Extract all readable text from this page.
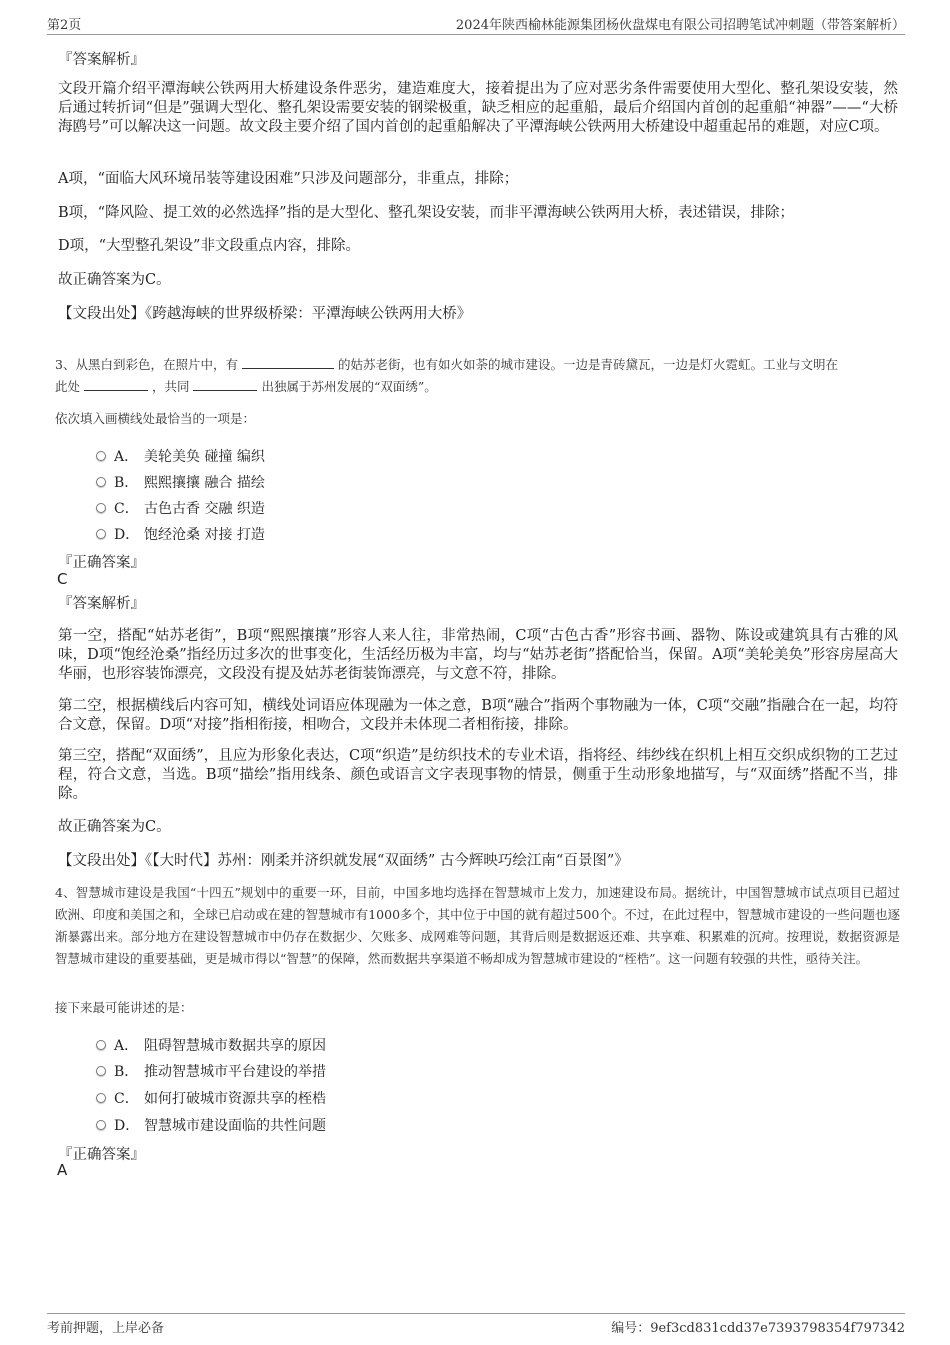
第2页	2024年陕西榆林能源集团杨伙盘煤电有限公司招聘笔试冲刺题（带答案解析）
『答案解析』
文段开篇介绍平潭海峡公铁两用大桥建设条件恶劣，建造难度大，接着提出为了应对恶劣条件需要使用大型化、整孔架设安装，然后通过转折词“但是”强调大型化、整孔架设需要安装的钢梁极重，缺乏相应的起重船，最后介绍国内首创的起重船“神器”——“大桥海鸥号”可以解决这一问题。故文段主要介绍了国内首创的起重船解决了平潭海峡公铁两用大桥建设中超重起吊的难题，对应C项。
A项，“面临大风环境吊装等建设困难”只涉及问题部分，非重点，排除；
B项，“降风险、提工效的必然选择”指的是大型化、整孔架设安装，而非平潭海峡公铁两用大桥，表述错误，排除；
D项，“大型整孔架设”非文段重点内容，排除。
故正确答案为C。
【文段出处】《跨越海峡的世界级桥梁：平潭海峡公铁两用大桥》
3、从黑白到彩色，在照片中，有	的姑苏老街，也有如火如荼的城市建设。一边是青砖黛瓦，一边是灯火霓虹。工业与文明在
此处	，共同	出独属于苏州发展的“双面绣”。
依次填入画横线处最恰当的一项是：
A． 美轮美奂 碰撞 编织
B． 熙熙攘攘 融合 描绘
C． 古色古香 交融 织造
D． 饱经沧桑 对接 打造
『正确答案』
C
『答案解析』
第一空，搭配“姑苏老街”，B项“熙熙攘攘”形容人来人往，非常热闹，C项“古色古香”形容书画、器物、陈设或建筑具有古雅的风味，D项“饱经沧桑”指经历过多次的世事变化，生活经历极为丰富，均与“姑苏老街”搭配恰当，保留。A项“美轮美奂”形容房屋高大华丽，也形容装饰漂亮，文段没有提及姑苏老街装饰漂亮，与文意不符，排除。
第二空，根据横线后内容可知，横线处词语应体现融为一体之意，B项“融合”指两个事物融为一体，C项“交融”指融合在一起，均符合文意，保留。D项“对接”指相衔接，相吻合，文段并未体现二者相衔接，排除。
第三空，搭配“双面绣”，且应为形象化表达，C项“织造”是纺织技术的专业术语，指将经、纬纱线在织机上相互交织成织物的工艺过程，符合文意，当选。B项“描绘”指用线条、颜色或语言文字表现事物的情景，侧重于生动形象地描写，与“双面绣”搭配不当，排除。
故正确答案为C。
【文段出处】《【大时代】苏州：刚柔并济织就发展“双面绣” 古今辉映巧绘江南“百景图”》
4、智慧城市建设是我国“十四五”规划中的重要一环，目前，中国多地均选择在智慧城市上发力，加速建设布局。据统计，中国智慧城市试点项目已超过欧洲、印度和美国之和，全球已启动或在建的智慧城市有1000多个，其中位于中国的就有超过500个。不过，在此过程中，智慧城市建设的一些问题也逐渐暴露出来。部分地方在建设智慧城市中仍存在数据少、欠账多、成网难等问题，其背后则是数据返还难、共享难、积累难的沉疴。按理说，数据资源是智慧城市建设的重要基础，更是城市得以“智慧”的保障，然而数据共享渠道不畅却成为智慧城市建设的“桎梏”。这一问题有较强的共性，亟待关注。
接下来最可能讲述的是：
A． 阻碍智慧城市数据共享的原因
B． 推动智慧城市平台建设的举措
C． 如何打破城市资源共享的桎梏
D． 智慧城市建设面临的共性问题
『正确答案』
A
考前押题，上岸必备	编号：9ef3cd831cdd37e7393798354f797342
